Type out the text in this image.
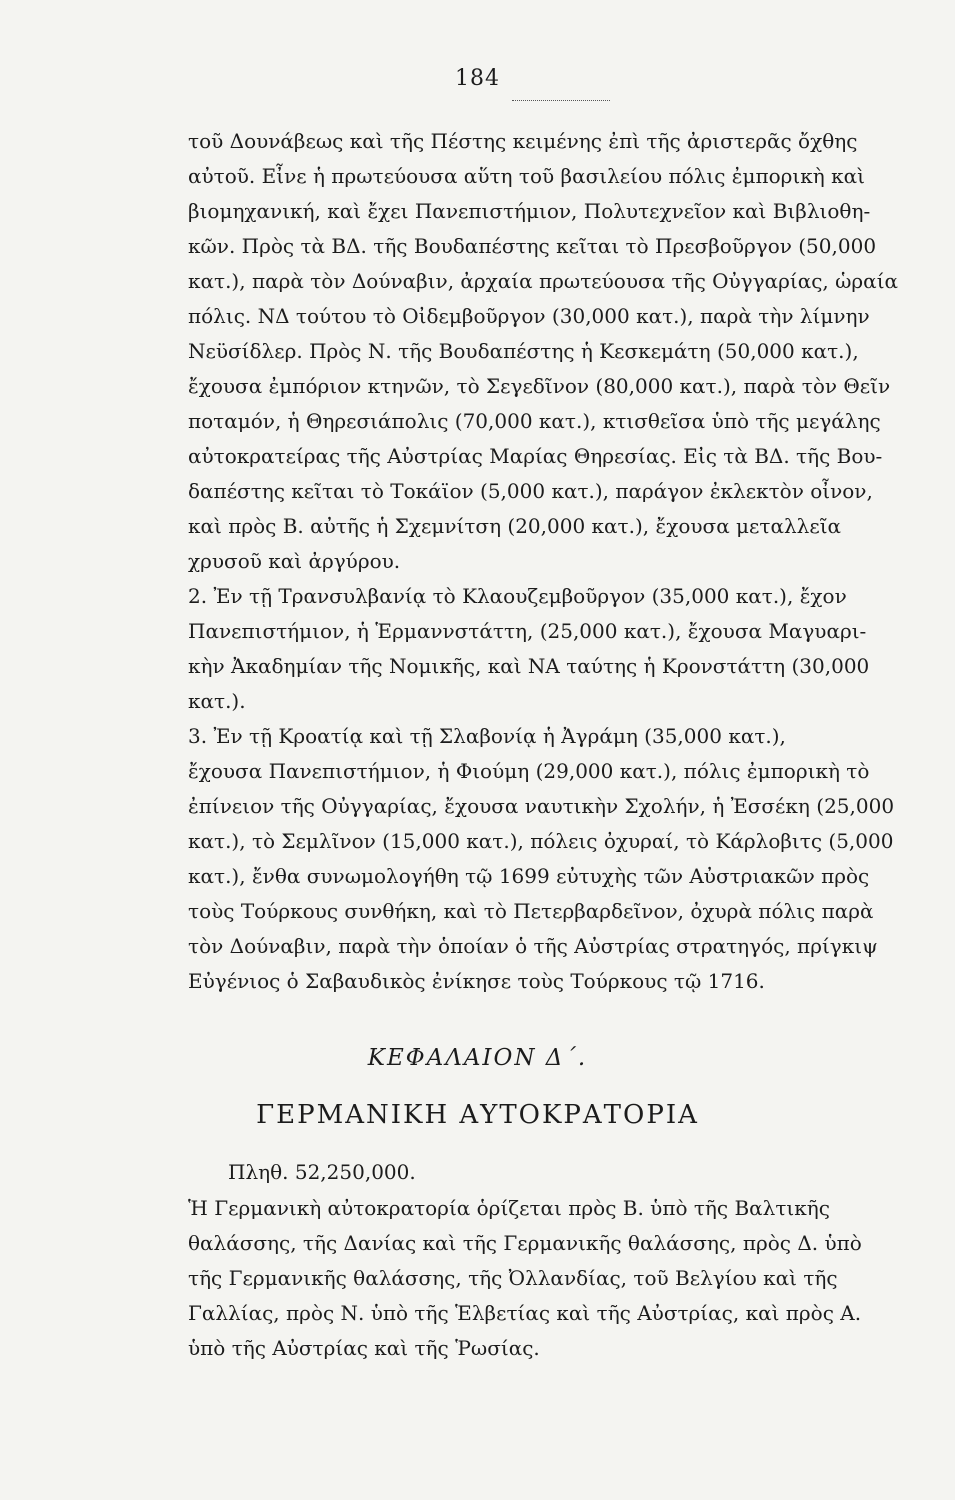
184
τοῦ Δουνάβεως καὶ τῆς Πέστης κειμένης ἐπὶ τῆς ἀριστερᾶς ὄχθης
αὐτοῦ. Εἶνε ἡ πρωτεύουσα αὕτη τοῦ βασιλείου πόλις ἐμπορικὴ καὶ
βιομηχανική, καὶ ἔχει Πανεπιστήμιον, Πολυτεχνεῖον καὶ Βιβλιοθη-
κῶν. Πρὸς τὰ ΒΔ. τῆς Βουδαπέστης κεῖται τὸ Πρεσβοῦργον (50,000
κατ.), παρὰ τὸν Δούναβιν, ἀρχαία πρωτεύουσα τῆς Οὐγγαρίας, ὡραία
πόλις. ΝΔ τούτου τὸ Οἰδεμβοῦργον (30,000 κατ.), παρὰ τὴν λίμνην
Νεϋσίδλερ. Πρὸς Ν. τῆς Βουδαπέστης ἡ Κεσκεμάτη (50,000 κατ.),
ἔχουσα ἐμπόριον κτηνῶν, τὸ Σεγεδῖνον (80,000 κατ.), παρὰ τὸν Θεῖν
ποταμόν, ἡ Θηρεσιάπολις (70,000 κατ.), κτισθεῖσα ὑπὸ τῆς μεγάλης
αὐτοκρατείρας τῆς Αὐστρίας Μαρίας Θηρεσίας. Εἰς τὰ ΒΔ. τῆς Βου-
δαπέστης κεῖται τὸ Τοκάϊον (5,000 κατ.), παράγον ἐκλεκτὸν οἶνον,
καὶ πρὸς Β. αὐτῆς ἡ Σχεμνίτση (20,000 κατ.), ἔχουσα μεταλλεῖα
χρυσοῦ καὶ ἀργύρου.
2. Ἐν τῇ Τρανσυλβανίᾳ τὸ Κλαουζεμβοῦργον (35,000 κατ.), ἔχον
Πανεπιστήμιον, ἡ Ἑρμαννστάττη, (25,000 κατ.), ἔχουσα Μαγυαρι-
κὴν Ἀκαδημίαν τῆς Νομικῆς, καὶ ΝΑ ταύτης ἡ Κρονστάττη (30,000
κατ.).
3. Ἐν τῇ Κροατίᾳ καὶ τῇ Σλαβονίᾳ ἡ Ἀγράμη (35,000 κατ.),
ἔχουσα Πανεπιστήμιον, ἡ Φιούμη (29,000 κατ.), πόλις ἐμπορικὴ τὸ
ἐπίνειον τῆς Οὐγγαρίας, ἔχουσα ναυτικὴν Σχολήν, ἡ Ἐσσέκη (25,000
κατ.), τὸ Σεμλῖνον (15,000 κατ.), πόλεις ὀχυραί, τὸ Κάρλοβιτς (5,000
κατ.), ἔνθα συνωμολογήθη τῷ 1699 εὐτυχὴς τῶν Αὐστριακῶν πρὸς
τοὺς Τούρκους συνθήκη, καὶ τὸ Πετερβαρδεῖνον, ὀχυρὰ πόλις παρὰ
τὸν Δούναβιν, παρὰ τὴν ὁποίαν ὁ τῆς Αὐστρίας στρατηγός, πρίγκιψ
Εὐγένιος ὁ Σαβαυδικὸς ἐνίκησε τοὺς Τούρκους τῷ 1716.
ΚΕΦΑΛΑΙΟΝ Δ΄.
ΓΕΡΜΑΝΙΚΗ ΑΥΤΟΚΡΑΤΟΡΙΑ
Πληθ. 52,250,000.
Ἡ Γερμανικὴ αὐτοκρατορία ὁρίζεται πρὸς Β. ὑπὸ τῆς Βαλτικῆς
θαλάσσης, τῆς Δανίας καὶ τῆς Γερμανικῆς θαλάσσης, πρὸς Δ. ὑπὸ
τῆς Γερμανικῆς θαλάσσης, τῆς Ὀλλανδίας, τοῦ Βελγίου καὶ τῆς
Γαλλίας, πρὸς Ν. ὑπὸ τῆς Ἑλβετίας καὶ τῆς Αὐστρίας, καὶ πρὸς Α.
ὑπὸ τῆς Αὐστρίας καὶ τῆς Ῥωσίας.
